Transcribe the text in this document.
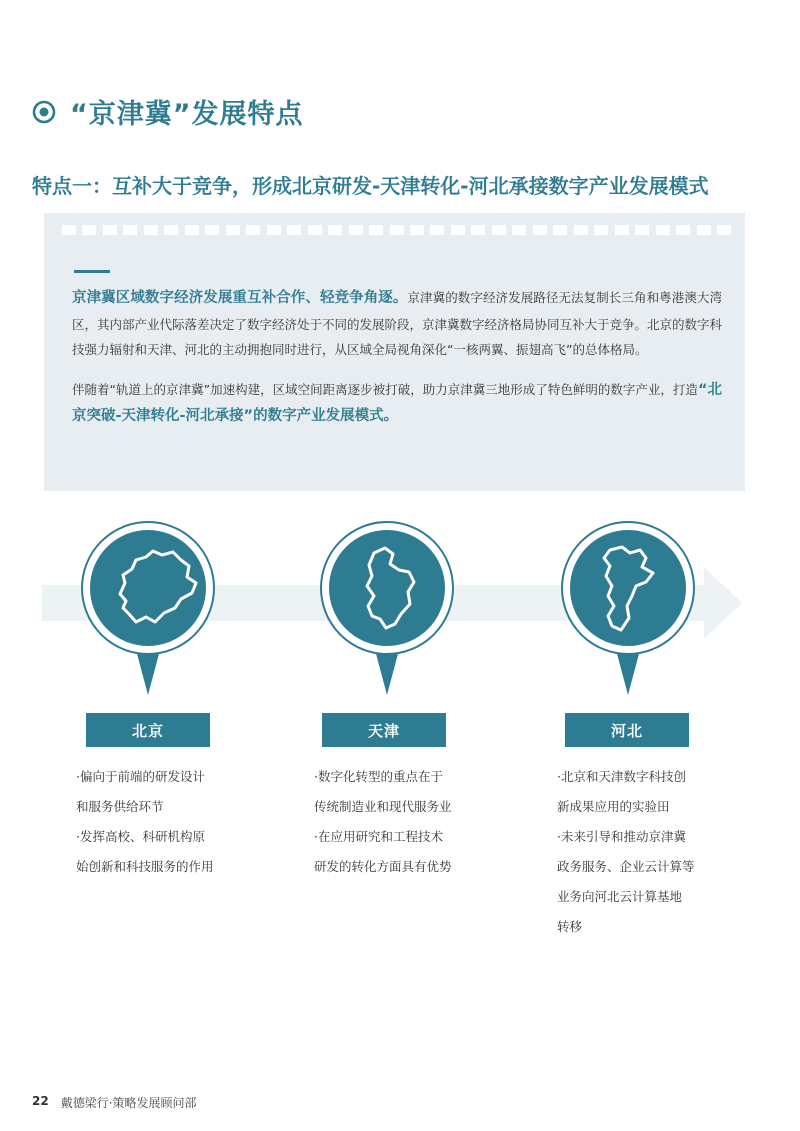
“京津冀”发展特点
特点一：互补大于竞争，形成北京研发-天津转化-河北承接数字产业发展模式

京津冀区域数字经济发展重互补合作、轻竞争角逐。京津冀的数字经济发展路径无法复制长三角和粤港澳大湾区，其内部产业代际落差决定了数字经济处于不同的发展阶段，京津冀数字经济格局协同互补大于竞争。北京的数字科技强力辐射和天津、河北的主动拥抱同时进行，从区域全局视角深化“一核两翼、振翅高飞”的总体格局。

伴随着“轨道上的京津冀”加速构建，区域空间距离逐步被打破，助力京津冀三地形成了特色鲜明的数字产业，打造“北京突破-天津转化-河北承接”的数字产业发展模式。

北京	天津	河北

·偏向于前端的研发设计

和服务供给环节

·发挥高校、科研机构原

始创新和科技服务的作用

·数字化转型的重点在于

传统制造业和现代服务业

·在应用研究和工程技术

研发的转化方面具有优势

·北京和天津数字科技创

新成果应用的实验田

·未来引导和推动京津冀

政务服务、企业云计算等

业务向河北云计算基地

转移

22 戴德梁行·策略发展顾问部
